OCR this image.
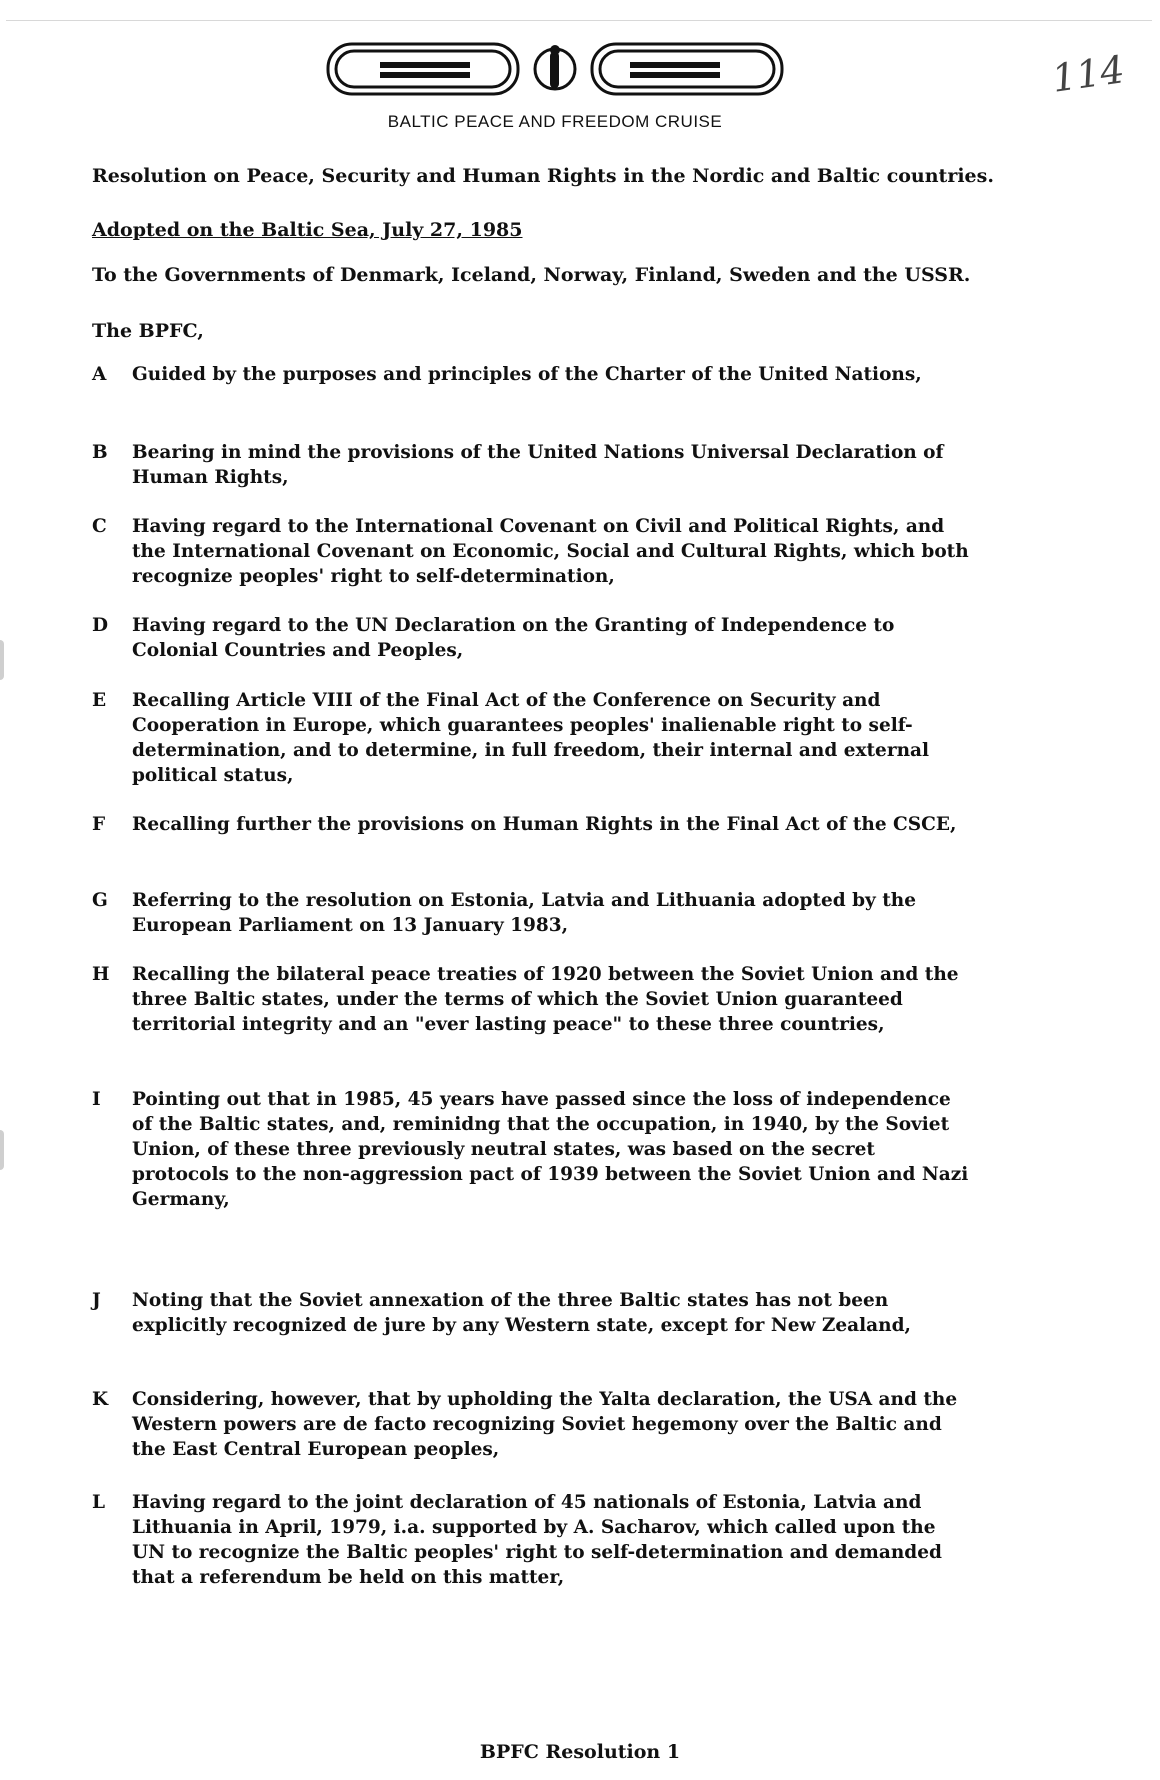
BALTIC PEACE AND FREEDOM CRUISE
114
Resolution on Peace, Security and Human Rights in the Nordic and Baltic countries.
Adopted on the Baltic Sea, July 27, 1985
To the Governments of Denmark, Iceland, Norway, Finland, Sweden and the USSR.
The BPFC,
A	Guided by the purposes and principles of the Charter of the United Nations,
B	Bearing in mind the provisions of the United Nations Universal Declaration of Human Rights,
C	Having regard to the International Covenant on Civil and Political Rights, and the International Covenant on Economic, Social and Cultural Rights, which both recognize peoples' right to self-determination,
D	Having regard to the UN Declaration on the Granting of Independence to Colonial Countries and Peoples,
E	Recalling Article VIII of the Final Act of the Conference on Security and Cooperation in Europe, which guarantees peoples' inalienable right to self-determination, and to determine, in full freedom, their internal and external political status,
F	Recalling further the provisions on Human Rights in the Final Act of the CSCE,
G	Referring to the resolution on Estonia, Latvia and Lithuania adopted by the European Parliament on 13 January 1983,
H	Recalling the bilateral peace treaties of 1920 between the Soviet Union and the three Baltic states, under the terms of which the Soviet Union guaranteed territorial integrity and an "ever lasting peace" to these three countries,
I	Pointing out that in 1985, 45 years have passed since the loss of independence of the Baltic states, and, reminidng that the occupation, in 1940, by the Soviet Union, of these three previously neutral states, was based on the secret protocols to the non-aggression pact of 1939 between the Soviet Union and Nazi Germany,
J	Noting that the Soviet annexation of the three Baltic states has not been explicitly recognized de jure by any Western state, except for New Zealand,
K	Considering, however, that by upholding the Yalta declaration, the USA and the Western powers are de facto recognizing Soviet hegemony over the Baltic and the East Central European peoples,
L	Having regard to the joint declaration of 45 nationals of Estonia, Latvia and Lithuania in April, 1979, i.a. supported by A. Sacharov, which called upon the UN to recognize the Baltic peoples' right to self-determination and demanded that a referendum be held on this matter,
BPFC Resolution 1
